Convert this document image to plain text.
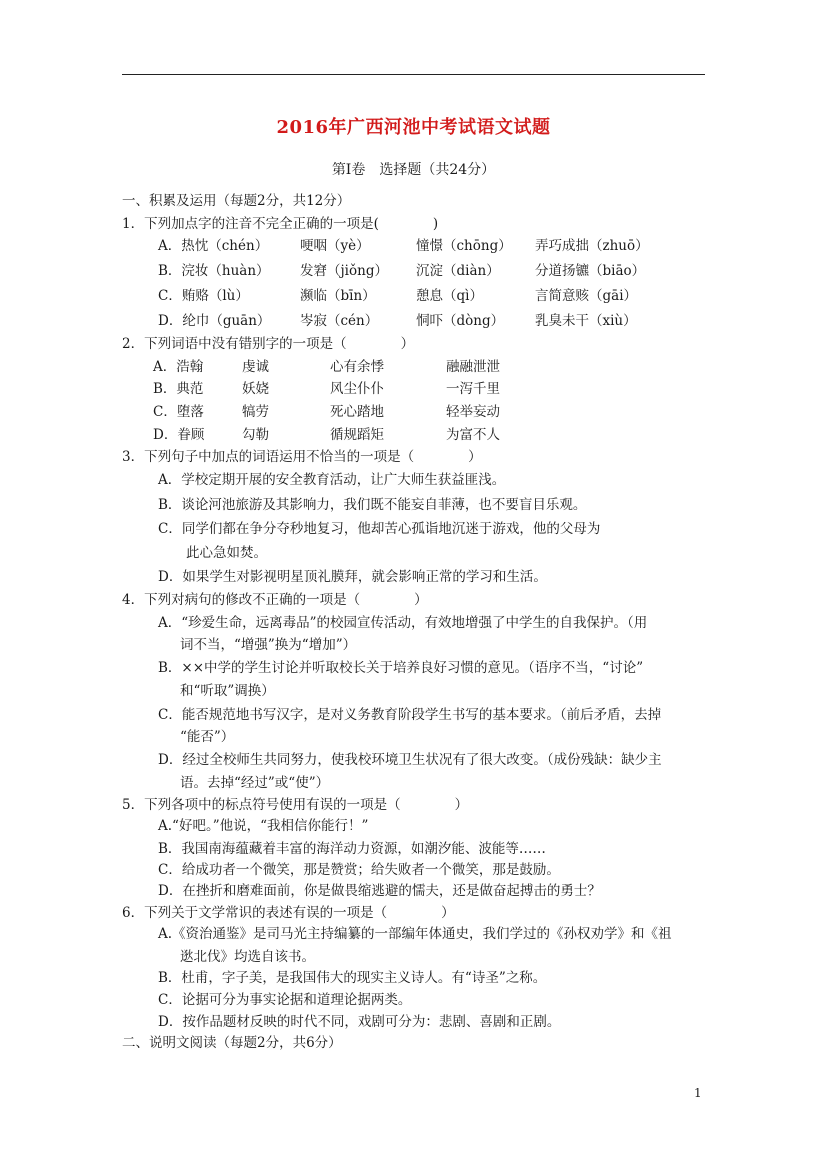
2016年广西河池中考试语文试题
第Ⅰ卷　选择题（共24分）
一、积累及运用（每题2分，共12分）
1．下列加点字的注音不完全正确的一项是(　　　　)
A．热忱（chén） 哽咽（yè）	憧憬（chōng） 弄巧成拙（zhuō）
B．浣妆（huàn） 发窘（jiǒng） 沉淀（diàn）	分道扬镳（biāo）
C．贿赂（lù）	濒临（bīn）	憩息（qì）	言简意赅（gāi）
D．纶巾（guān） 岑寂（cén）	恫吓（dòng） 乳臭未干（xiù）
2．下列词语中没有错别字的一项是（　　　　）
A．浩翰	虔诚	心有余悸	融融泄泄
B．典范	妖娆	风尘仆仆	一泻千里
C．堕落	犒劳	死心踏地	轻举妄动
D．眷顾	勾勒	循规蹈矩	为富不人
3．下列句子中加点的词语运用不恰当的一项是（　　　　）
A．学校定期开展的安全教育活动，让广大师生获益匪浅。
B．谈论河池旅游及其影响力，我们既不能妄自菲薄，也不要盲目乐观。
C．同学们都在争分夺秒地复习，他却苦心孤诣地沉迷于游戏，他的父母为
此心急如焚。
D．如果学生对影视明星顶礼膜拜，就会影响正常的学习和生活。
4．下列对病句的修改不正确的一项是（　　　　）
A．“珍爱生命，远离毒品”的校园宣传活动，有效地增强了中学生的自我保护。（用
词不当，“增强”换为“增加”）
B．××中学的学生讨论并听取校长关于培养良好习惯的意见。（语序不当，“讨论”
和“听取”调换）
C．能否规范地书写汉字，是对义务教育阶段学生书写的基本要求。（前后矛盾，去掉
“能否”）
D．经过全校师生共同努力，使我校环境卫生状况有了很大改变。（成份残缺：缺少主
语。去掉“经过”或“使”）
5．下列各项中的标点符号使用有误的一项是（　　　　）
A.“好吧。”他说，“我相信你能行！”
B．我国南海蕴藏着丰富的海洋动力资源，如潮汐能、波能等……
C．给成功者一个微笑，那是赞赏；给失败者一个微笑，那是鼓励。
D．在挫折和磨难面前，你是做畏缩逃避的懦夫，还是做奋起搏击的勇士？
6．下列关于文学常识的表述有误的一项是（　　　　）
A.《资治通鉴》是司马光主持编纂的一部编年体通史，我们学过的《孙权劝学》和《祖
逖北伐》均选自该书。
B．杜甫，字子美，是我国伟大的现实主义诗人。有“诗圣”之称。
C．论据可分为事实论据和道理论据两类。
D．按作品题材反映的时代不同，戏剧可分为：悲剧、喜剧和正剧。
二、说明文阅读（每题2分，共6分）
1
